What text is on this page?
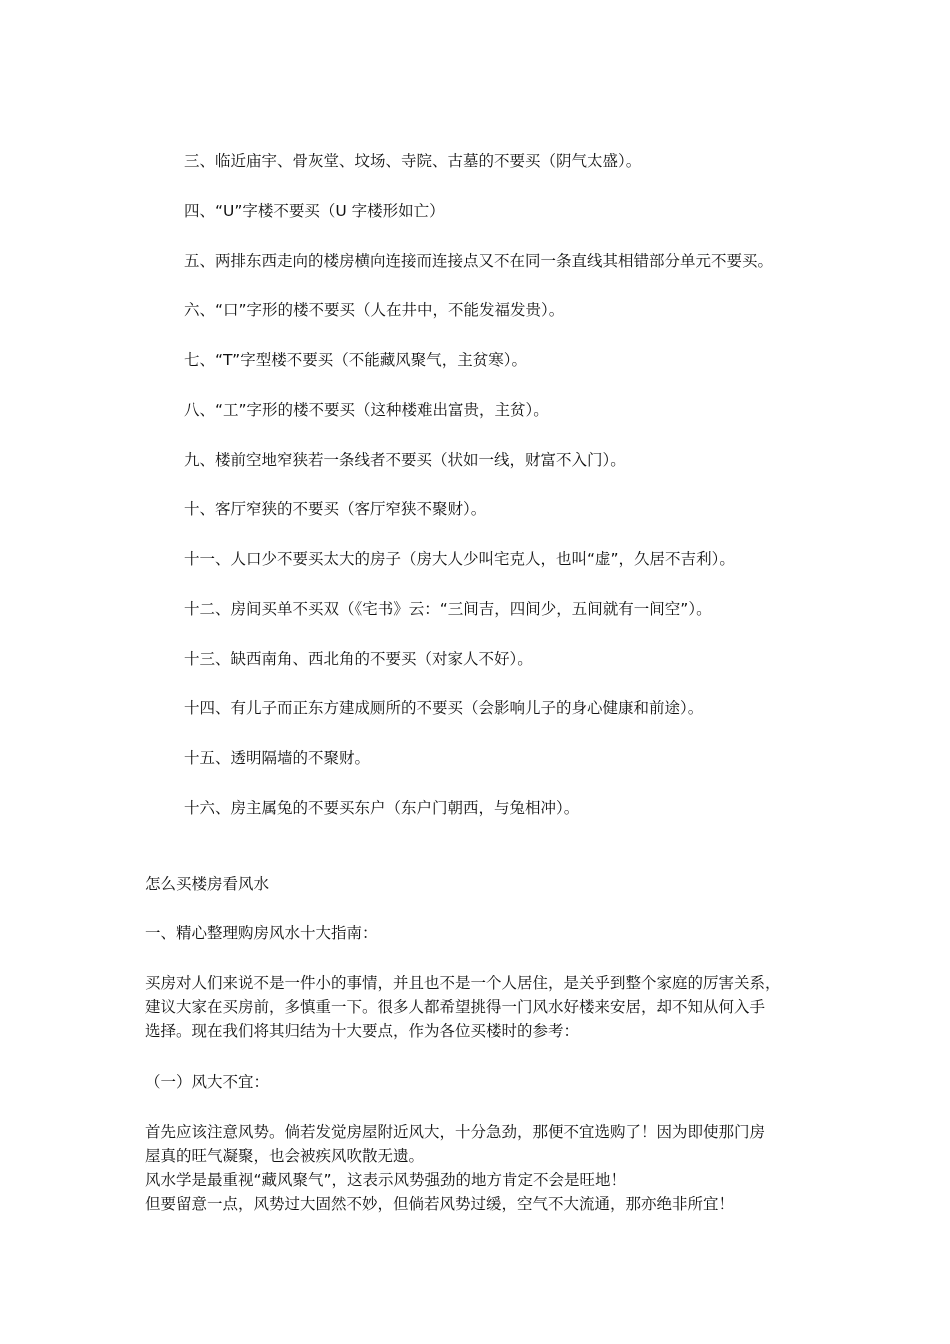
三、临近庙宇、骨灰堂、坟场、寺院、古墓的不要买（阴气太盛）。
四、“U”字楼不要买（U 字楼形如亡）
五、两排东西走向的楼房横向连接而连接点又不在同一条直线其相错部分单元不要买。
六、“口”字形的楼不要买（人在井中，不能发福发贵）。
七、“T”字型楼不要买（不能藏风聚气，主贫寒）。
八、“工”字形的楼不要买（这种楼难出富贵，主贫）。
九、楼前空地窄狭若一条线者不要买（状如一线，财富不入门）。
十、客厅窄狭的不要买（客厅窄狭不聚财）。
十一、人口少不要买太大的房子（房大人少叫宅克人，也叫“虚”，久居不吉利）。
十二、房间买单不买双（《宅书》云：“三间吉，四间少，五间就有一间空”）。
十三、缺西南角、西北角的不要买（对家人不好）。
十四、有儿子而正东方建成厕所的不要买（会影响儿子的身心健康和前途）。
十五、透明隔墙的不聚财。
十六、房主属兔的不要买东户（东户门朝西，与兔相冲）。
怎么买楼房看风水
一、精心整理购房风水十大指南：
买房对人们来说不是一件小的事情，并且也不是一个人居住，是关乎到整个家庭的厉害关系，
建议大家在买房前，多慎重一下。很多人都希望挑得一门风水好楼来安居，却不知从何入手
选择。现在我们将其归结为十大要点，作为各位买楼时的参考：
（一）风大不宜：
首先应该注意风势。倘若发觉房屋附近风大，十分急劲，那便不宜选购了！因为即使那门房
屋真的旺气凝聚，也会被疾风吹散无遗。
风水学是最重视“藏风聚气”，这表示风势强劲的地方肯定不会是旺地！
但要留意一点，风势过大固然不妙，但倘若风势过缓，空气不大流通，那亦绝非所宜！
